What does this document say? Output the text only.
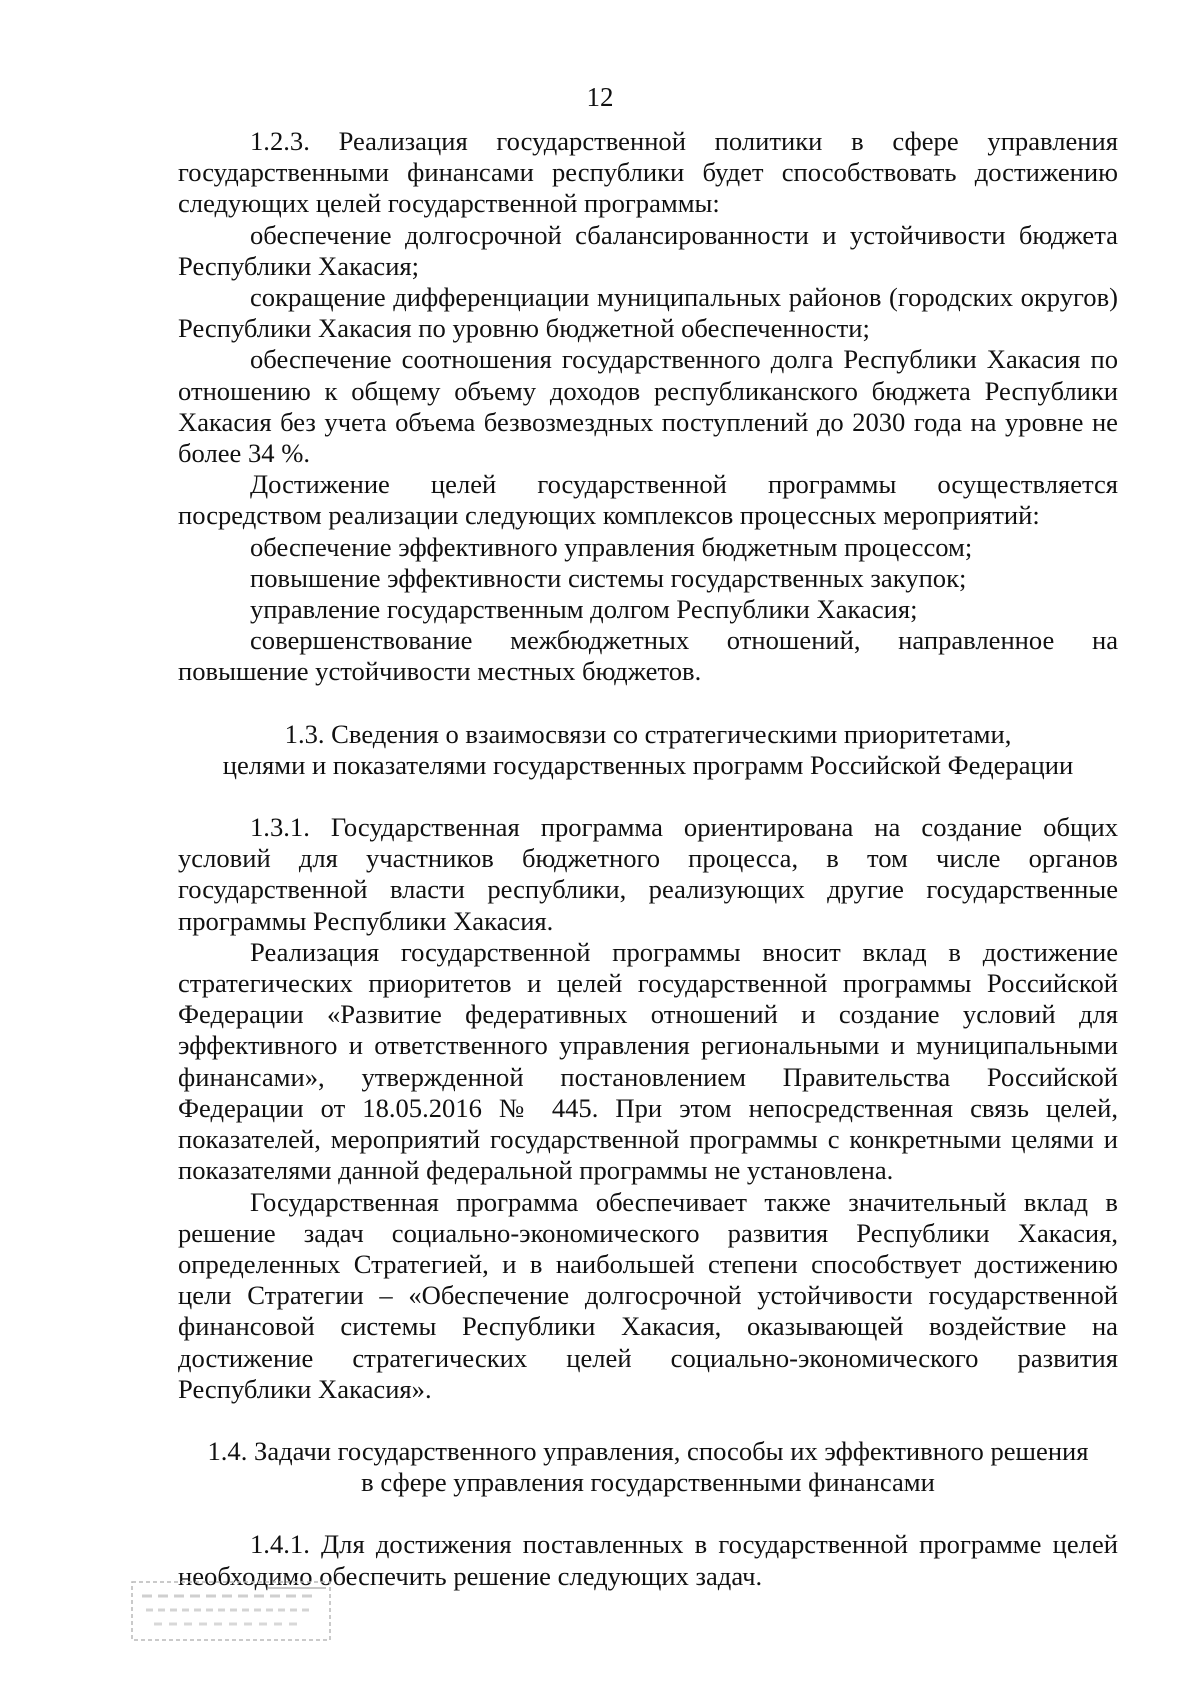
12

1.2.3. Реализация государственной политики в сфере управления государственными финансами республики будет способствовать достижению следующих целей государственной программы:

обеспечение долгосрочной сбалансированности и устойчивости бюджета Республики Хакасия;

сокращение дифференциации муниципальных районов (городских округов) Республики Хакасия по уровню бюджетной обеспеченности;

обеспечение соотношения государственного долга Республики Хакасия по отношению к общему объему доходов республиканского бюджета Республики Хакасия без учета объема безвозмездных поступлений до 2030 года на уровне не более 34 %.

Достижение целей государственной программы осуществляется посредством реализации следующих комплексов процессных мероприятий:

обеспечение эффективного управления бюджетным процессом;

повышение эффективности системы государственных закупок;

управление государственным долгом Республики Хакасия;

совершенствование межбюджетных отношений, направленное на повышение устойчивости местных бюджетов.

1.3. Сведения о взаимосвязи со стратегическими приоритетами,

целями и показателями государственных программ Российской Федерации

1.3.1. Государственная программа ориентирована на создание общих условий для участников бюджетного процесса, в том числе органов государственной власти республики, реализующих другие государственные программы Республики Хакасия.

Реализация государственной программы вносит вклад в достижение стратегических приоритетов и целей государственной программы Российской Федерации «Развитие федеративных отношений и создание условий для эффективного и ответственного управления региональными и муниципальными финансами», утвержденной постановлением Правительства Российской Федерации от 18.05.2016 № 445. При этом непосредственная связь целей, показателей, мероприятий государственной программы с конкретными целями и показателями данной федеральной программы не установлена.

Государственная программа обеспечивает также значительный вклад в решение задач социально-экономического развития Республики Хакасия, определенных Стратегией, и в наибольшей степени способствует достижению цели Стратегии – «Обеспечение долгосрочной устойчивости государственной финансовой системы Республики Хакасия, оказывающей воздействие на достижение стратегических целей социально-экономического развития Республики Хакасия».

1.4. Задачи государственного управления, способы их эффективного решения

в сфере управления государственными финансами

1.4.1. Для достижения поставленных в государственной программе целей необходимо обеспечить решение следующих задач.
